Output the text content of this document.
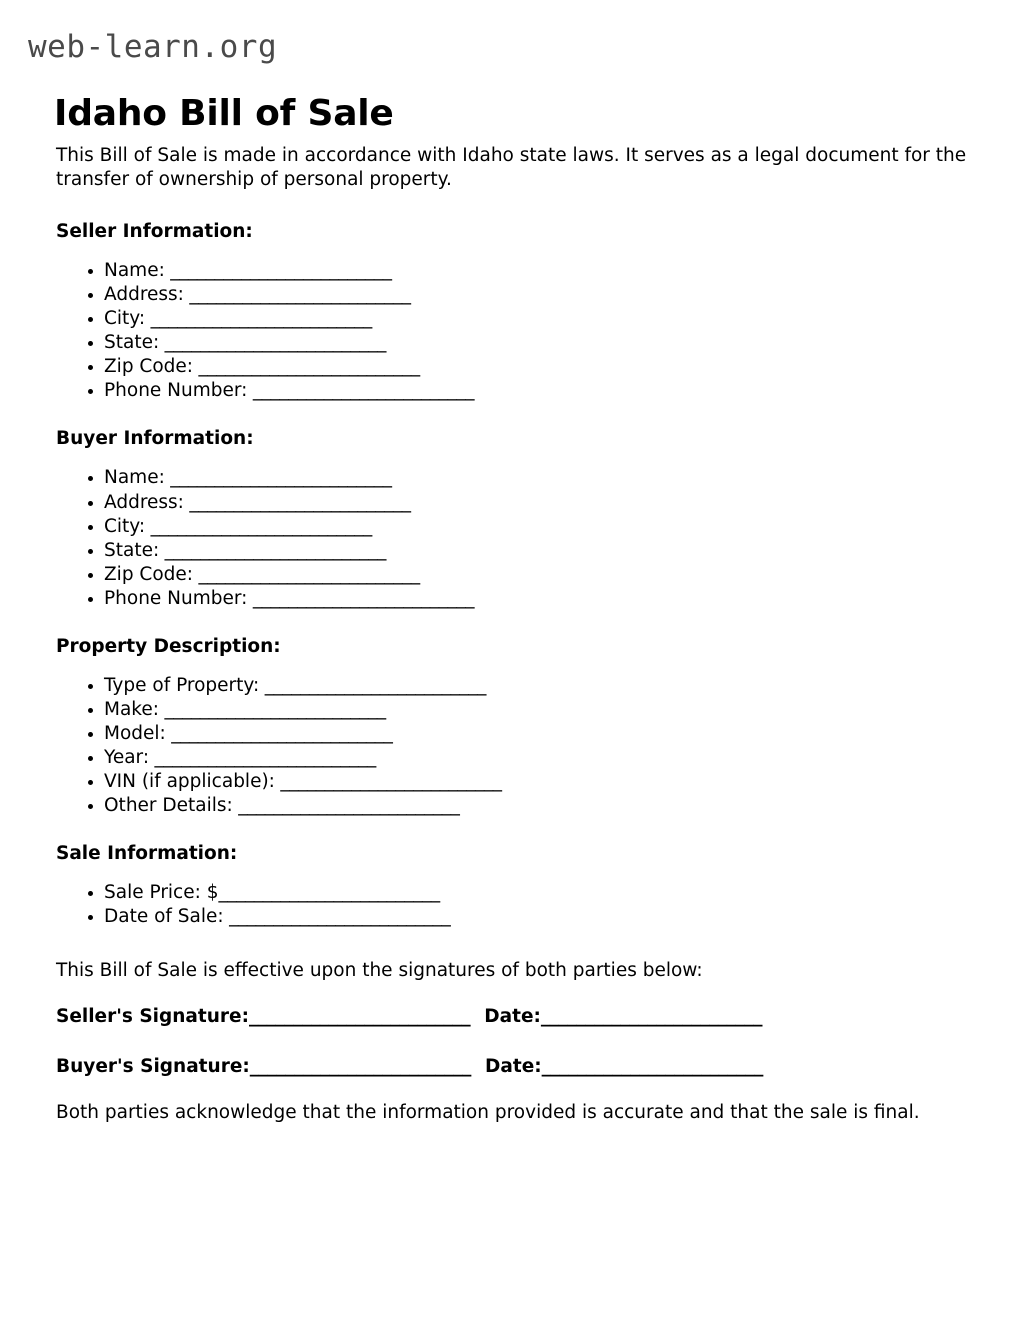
web-learn.org
Idaho Bill of Sale

This Bill of Sale is made in accordance with Idaho state laws. It serves as a legal document for the transfer of ownership of personal property.

Seller Information:
• Name: _________________________
• Address: _________________________
• City: _________________________
• State: _________________________
• Zip Code: _________________________
• Phone Number: _________________________
Buyer Information:
• Name: _________________________
• Address: _________________________
• City: _________________________
• State: _________________________
• Zip Code: _________________________
• Phone Number: _________________________
Property Description:
• Type of Property: _________________________
• Make: _________________________
• Model: _________________________
• Year: _________________________
• VIN (if applicable): _________________________
• Other Details: _________________________
Sale Information:
• Sale Price: $_________________________
• Date of Sale: _________________________

This Bill of Sale is effective upon the signatures of both parties below:

Seller's Signature: _________________________ Date: _________________________
Buyer's Signature: _________________________ Date: _________________________

Both parties acknowledge that the information provided is accurate and that the sale is final.
